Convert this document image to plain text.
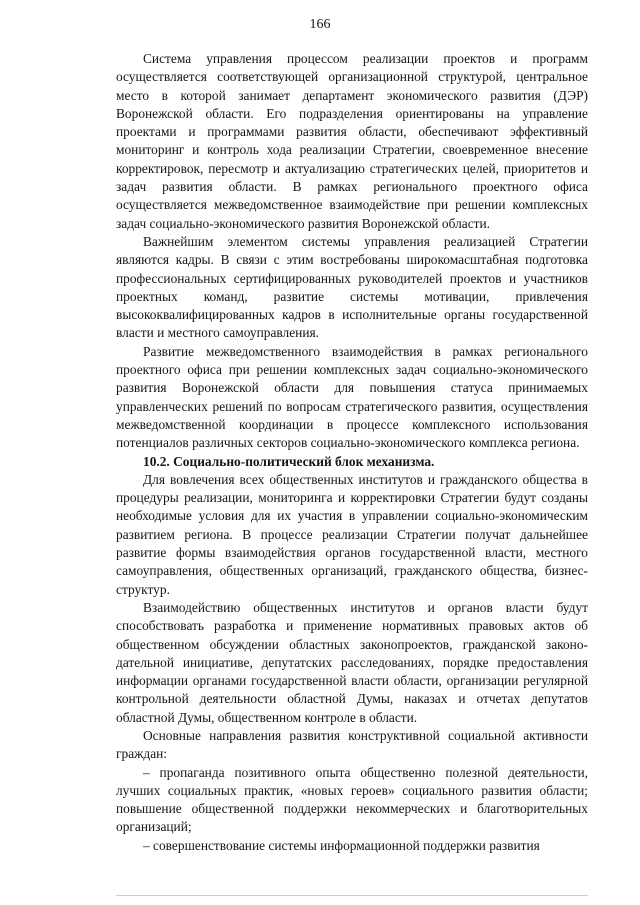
166

Система управления процессом реализации проектов и программ осуществляется соответствующей организационной структурой, центральное место в которой занимает департамент экономического развития (ДЭР) Воронежской области. Его подразделения ориентированы на управление проектами и программами развития области, обеспечивают эффективный мониторинг и контроль хода реализации Стратегии, своевременное внесение корректировок, пересмотр и актуализацию стратегических целей, приоритетов и задач развития области. В рамках регионального проектного офиса осуществляется межведомственное взаимодействие при решении комплексных задач социально-экономического развития Воронежской области.

Важнейшим элементом системы управления реализацией Стратегии являются кадры. В связи с этим востребованы широкомасштабная подготовка профессиональных сертифицированных руководителей проектов и участников проектных команд, развитие системы мотивации, привлечения высококвалифицированных кадров в исполнительные органы государственной власти и местного самоуправления.

Развитие межведомственного взаимодействия в рамках регионального проектного офиса при решении комплексных задач социально-экономического развития Воронежской области для повышения статуса принимаемых управленческих решений по вопросам стратегического развития, осуществления межведомственной координации в процессе комплексного использования потенциалов различных секторов социально-экономического комплекса региона.

10.2. Социально-политический блок механизма.

Для вовлечения всех общественных институтов и гражданского общества в процедуры реализации, мониторинга и корректировки Стратегии будут созданы необходимые условия для их участия в управлении социально-экономическим развитием региона. В процессе реализации Стратегии получат дальнейшее развитие формы взаимодействия органов государственной власти, местного самоуправления, общественных организаций, гражданского общества, бизнес-структур.

Взаимодействию общественных институтов и органов власти будут способствовать разработка и применение нормативных правовых актов об общественном обсуждении областных законопроектов, гражданской законодательной инициативе, депутатских расследованиях, порядке предоставления информации органами государственной власти области, организации регулярной контрольной деятельности областной Думы, наказах и отчетах депутатов областной Думы, общественном контроле в области.

Основные направления развития конструктивной социальной активности граждан:

– пропаганда позитивного опыта общественно полезной деятельности, лучших социальных практик, «новых героев» социального развития области; повышение общественной поддержки некоммерческих и благотворительных организаций;

– совершенствование системы информационной поддержки развития
